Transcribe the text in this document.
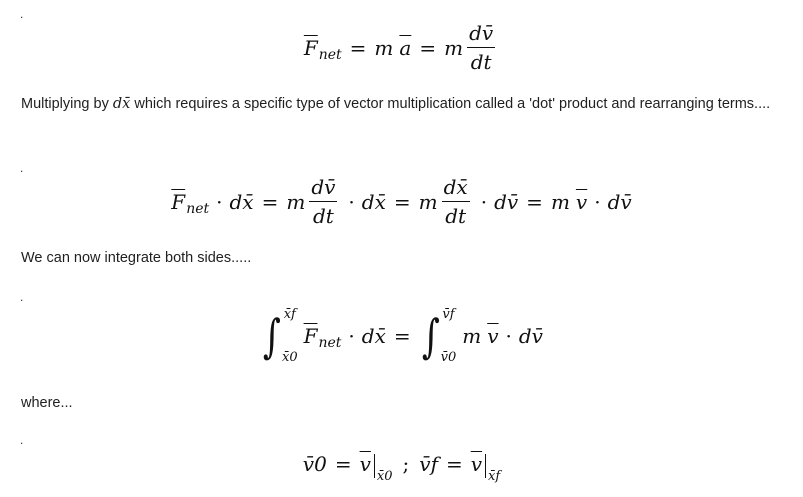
.
.
.
.
$\overline{F}$ net = m $\overline{a} = m \frac{dv̄}{dt}$
Multiplying by dx̄ which requires a specific type of vector multiplication called a 'dot' product and rearranging terms....
$\overline{F}$ net · dx̄ = m $\frac{dv̄}{dt}$ · dx̄ = m $\frac{dx̄}{dt}$ · dv̄ = m $\overline{v}$ · dv̄
We can now integrate both sides.....
∫ x̄f
x̄0
$\overline{F}$ net · dx̄ = ∫ v̄f
v̄0
m $\overline{v}$ · dv̄
where...
v̄0 = $\overline{v}$
x̄0
; v̄f = $\overline{v}$
x̄f
